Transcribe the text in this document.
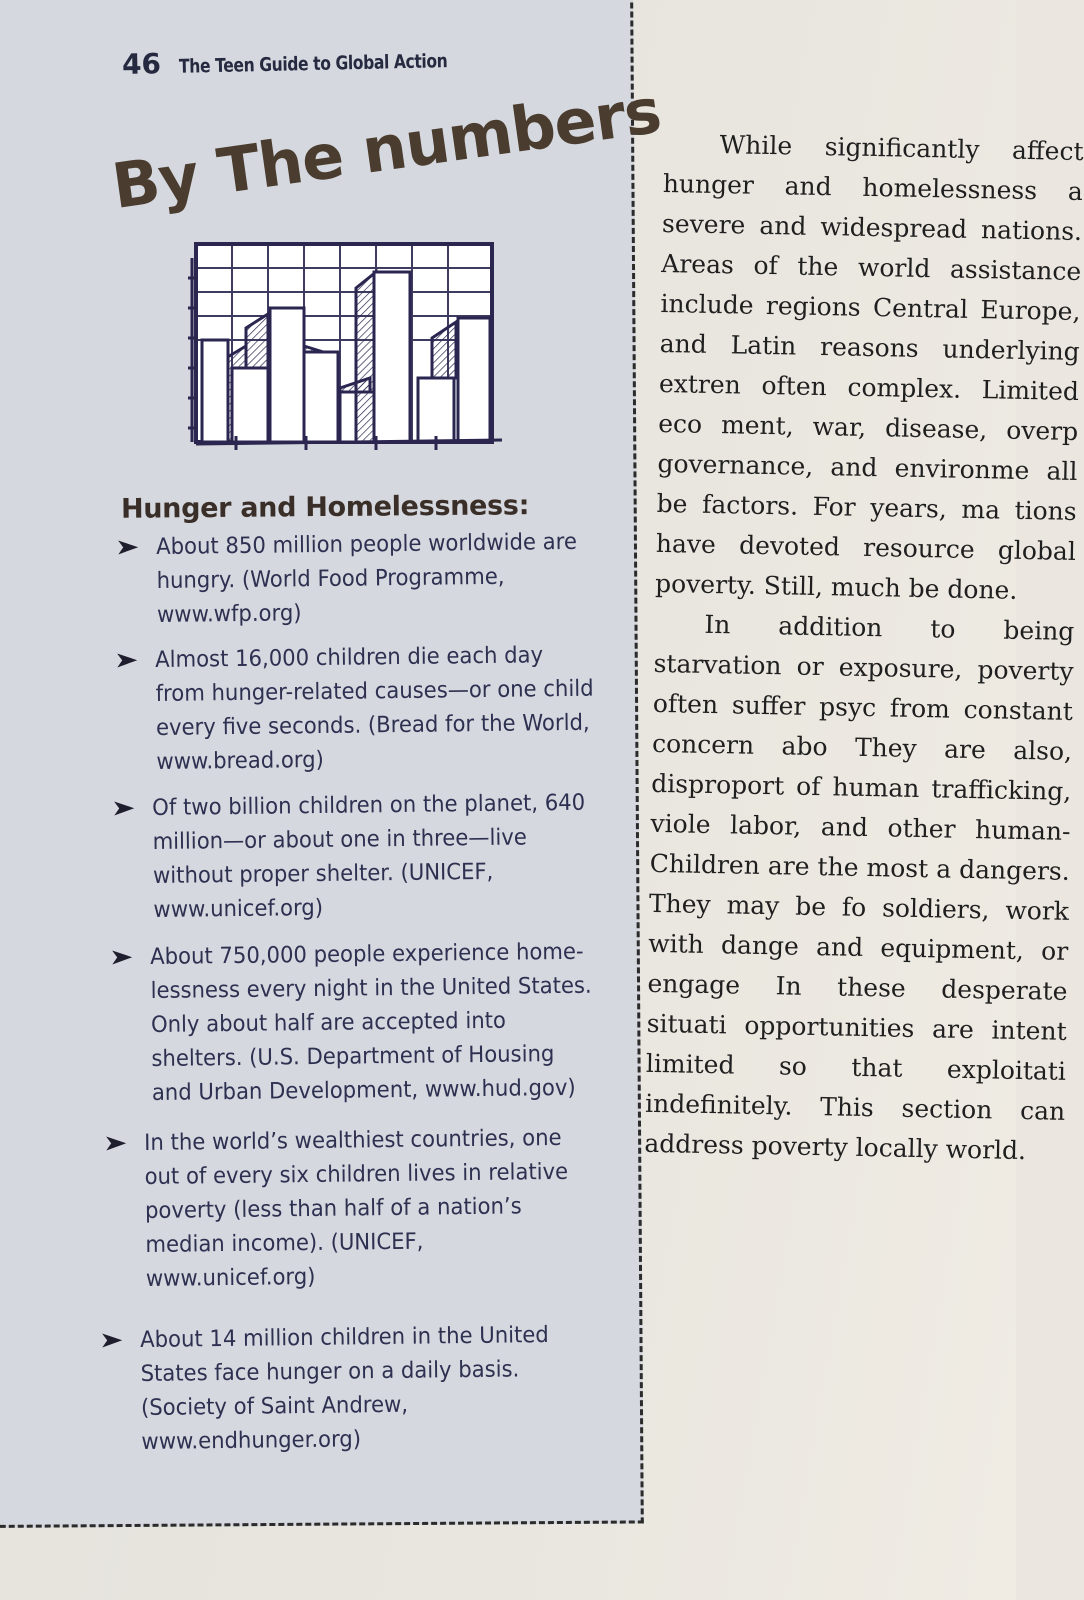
46 The Teen Guide to Global Action
By The numbers
Hunger and Homelessness:
About 850 million people worldwide are hungry. (World Food Programme, www.wfp.org)
Almost 16,000 children die each day from hunger-related causes—or one child every five seconds. (Bread for the World, www.bread.org)
Of two billion children on the planet, 640 million—or about one in three—live without proper shelter. (UNICEF, www.unicef.org)
About 750,000 people experience home-lessness every night in the United States. Only about half are accepted into shelters. (U.S. Department of Housing and Urban Development, www.hud.gov)
In the world’s wealthiest countries, one out of every six children lives in relative poverty (less than half of a nation’s median income). (UNICEF, www.unicef.org)
About 14 million children in the United States face hunger on a daily basis. (Society of Saint Andrew, www.endhunger.org)

While significantly affect hunger and homelessness a severe and widespread nations. Areas of the world assistance include regions Central Europe, and Latin reasons underlying extren often complex. Limited eco ment, war, disease, overp governance, and environme all be factors. For years, ma tions have devoted resource global poverty. Still, much be done.

In addition to being starvation or exposure, poverty often suffer psyc from constant concern abo They are also, disproport of human trafficking, viole labor, and other human- Children are the most a dangers. They may be fo soldiers, work with dange and equipment, or engage In these desperate situati opportunities are intent limited so that exploitati indefinitely. This section can address poverty locally world.
